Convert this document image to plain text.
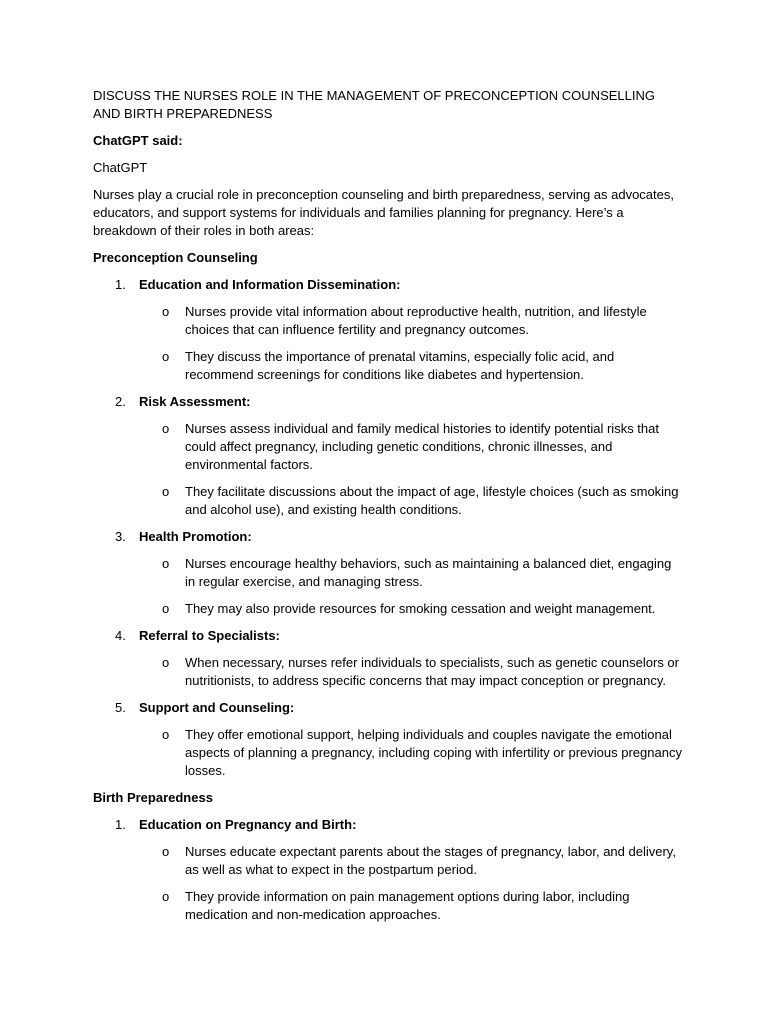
DISCUSS THE NURSES ROLE IN THE MANAGEMENT OF PRECONCEPTION COUNSELLING AND BIRTH PREPAREDNESS

ChatGPT said:

ChatGPT

Nurses play a crucial role in preconception counseling and birth preparedness, serving as advocates, educators, and support systems for individuals and families planning for pregnancy. Here’s a breakdown of their roles in both areas:

Preconception Counseling

1. Education and Information Dissemination:
o Nurses provide vital information about reproductive health, nutrition, and lifestyle choices that can influence fertility and pregnancy outcomes.
o They discuss the importance of prenatal vitamins, especially folic acid, and recommend screenings for conditions like diabetes and hypertension.
2. Risk Assessment:
o Nurses assess individual and family medical histories to identify potential risks that could affect pregnancy, including genetic conditions, chronic illnesses, and environmental factors.
o They facilitate discussions about the impact of age, lifestyle choices (such as smoking and alcohol use), and existing health conditions.
3. Health Promotion:
o Nurses encourage healthy behaviors, such as maintaining a balanced diet, engaging in regular exercise, and managing stress.
o They may also provide resources for smoking cessation and weight management.
4. Referral to Specialists:
o When necessary, nurses refer individuals to specialists, such as genetic counselors or nutritionists, to address specific concerns that may impact conception or pregnancy.
5. Support and Counseling:
o They offer emotional support, helping individuals and couples navigate the emotional aspects of planning a pregnancy, including coping with infertility or previous pregnancy losses.

Birth Preparedness

1. Education on Pregnancy and Birth:
o Nurses educate expectant parents about the stages of pregnancy, labor, and delivery, as well as what to expect in the postpartum period.
o They provide information on pain management options during labor, including medication and non-medication approaches.
